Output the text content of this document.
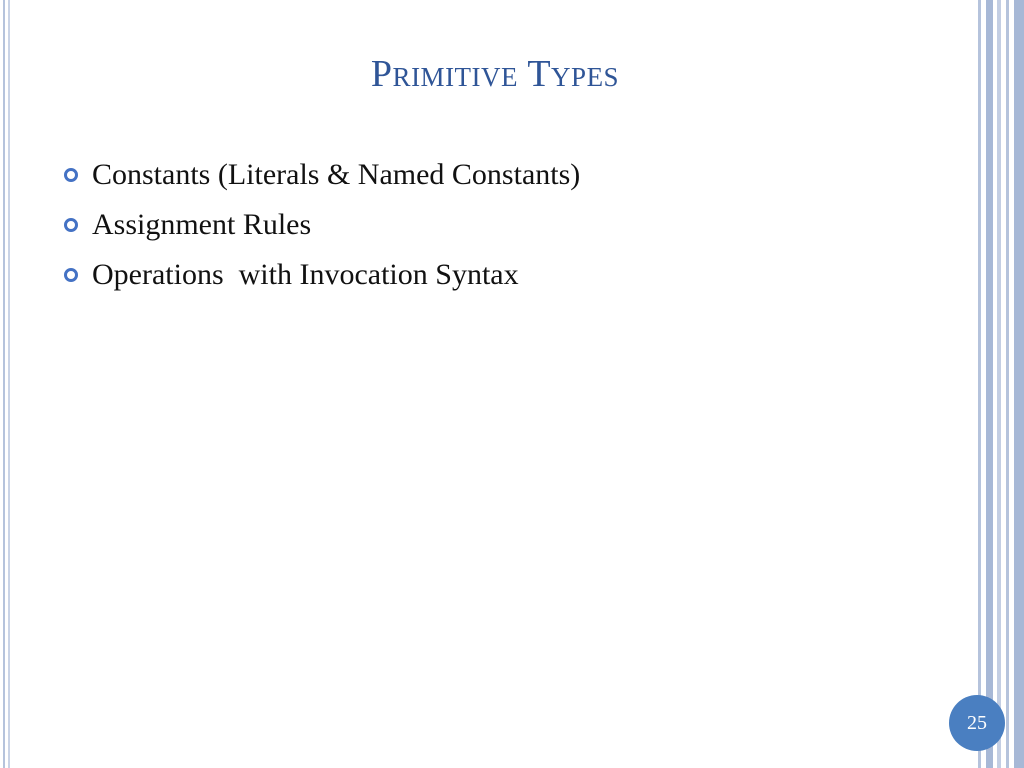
Primitive Types
Constants (Literals & Named Constants)
Assignment Rules
Operations  with Invocation Syntax
25
